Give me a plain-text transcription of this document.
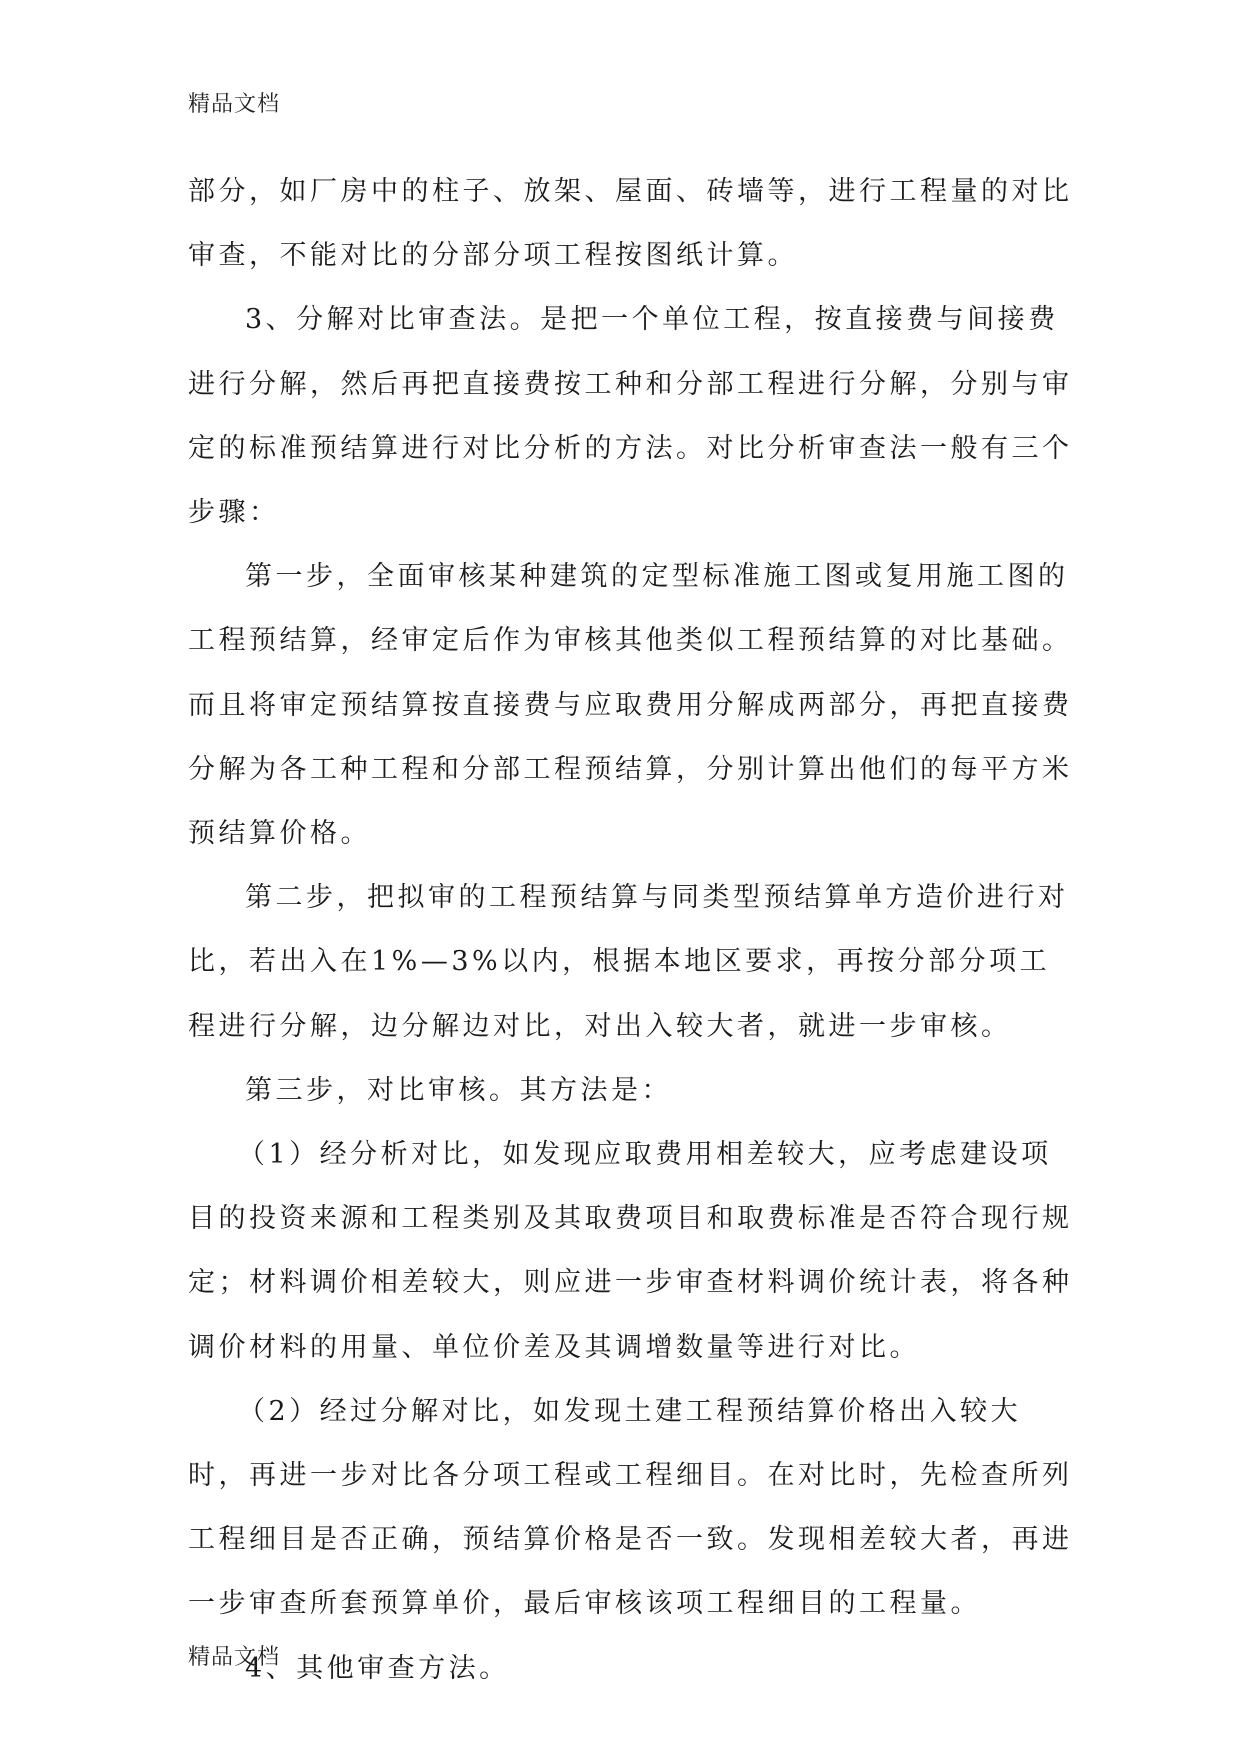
精品文档

部分，如厂房中的柱子、放架、屋面、砖墙等，进行工程量的对比审查，不能对比的分部分项工程按图纸计算。

3、分解对比审查法。是把一个单位工程，按直接费与间接费进行分解，然后再把直接费按工种和分部工程进行分解，分别与审定的标准预结算进行对比分析的方法。对比分析审查法一般有三个步骤：

第一步，全面审核某种建筑的定型标准施工图或复用施工图的工程预结算，经审定后作为审核其他类似工程预结算的对比基础。而且将审定预结算按直接费与应取费用分解成两部分，再把直接费分解为各工种工程和分部工程预结算，分别计算出他们的每平方米预结算价格。

第二步，把拟审的工程预结算与同类型预结算单方造价进行对比，若出入在1%—3%以内，根据本地区要求，再按分部分项工程进行分解，边分解边对比，对出入较大者，就进一步审核。

第三步，对比审核。其方法是：

（1）经分析对比，如发现应取费用相差较大，应考虑建设项目的投资来源和工程类别及其取费项目和取费标准是否符合现行规定；材料调价相差较大，则应进一步审查材料调价统计表，将各种调价材料的用量、单位价差及其调增数量等进行对比。

（2）经过分解对比，如发现土建工程预结算价格出入较大时，再进一步对比各分项工程或工程细目。在对比时，先检查所列工程细目是否正确，预结算价格是否一致。发现相差较大者，再进一步审查所套预算单价，最后审核该项工程细目的工程量。

4、其他审查方法。

精品文档
